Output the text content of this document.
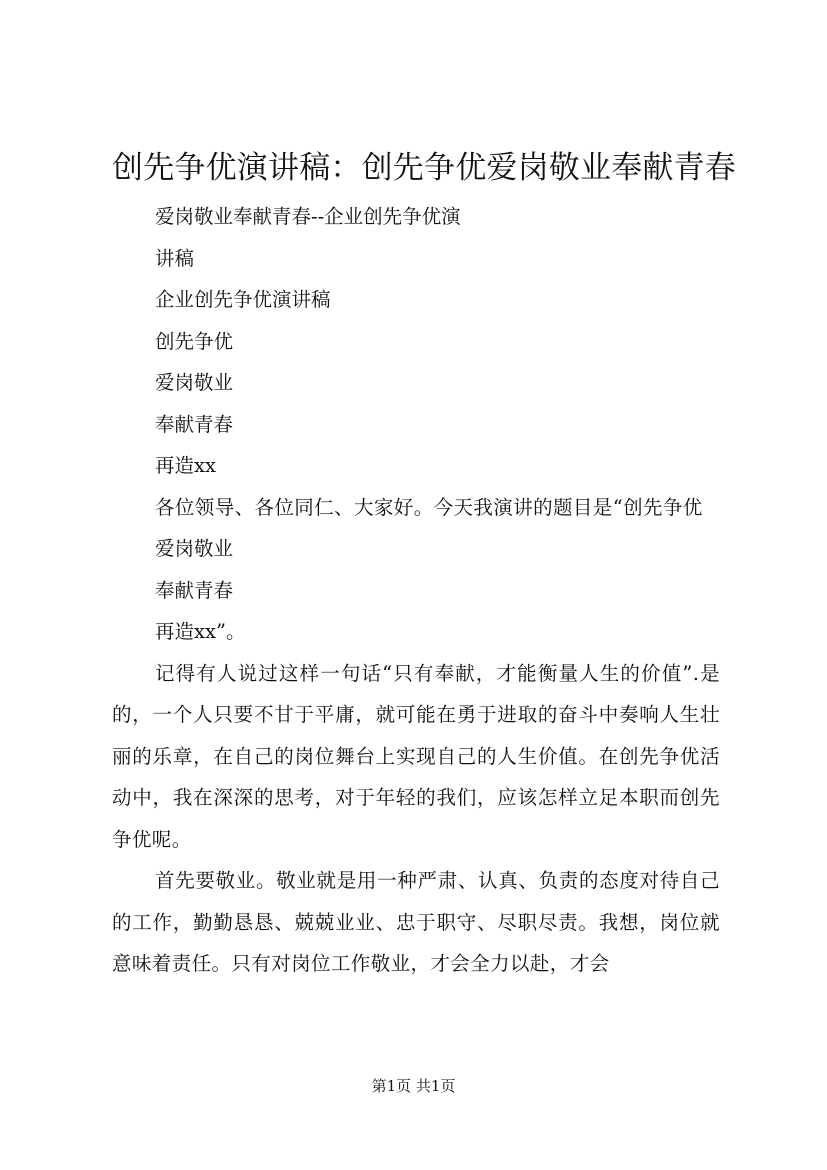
创先争优演讲稿：创先争优爱岗敬业奉献青春

爱岗敬业奉献青春--企业创先争优演

讲稿

企业创先争优演讲稿

创先争优

爱岗敬业

奉献青春

再造xx

各位领导、各位同仁、大家好。今天我演讲的题目是“创先争优

爱岗敬业

奉献青春

再造xx”。

记得有人说过这样一句话“只有奉献，才能衡量人生的价值”.是的，一个人只要不甘于平庸，就可能在勇于进取的奋斗中奏响人生壮丽的乐章，在自己的岗位舞台上实现自己的人生价值。在创先争优活动中，我在深深的思考，对于年轻的我们，应该怎样立足本职而创先争优呢。

首先要敬业。敬业就是用一种严肃、认真、负责的态度对待自己的工作，勤勤恳恳、兢兢业业、忠于职守、尽职尽责。我想，岗位就意味着责任。只有对岗位工作敬业，才会全力以赴，才会

第1页 共1页
